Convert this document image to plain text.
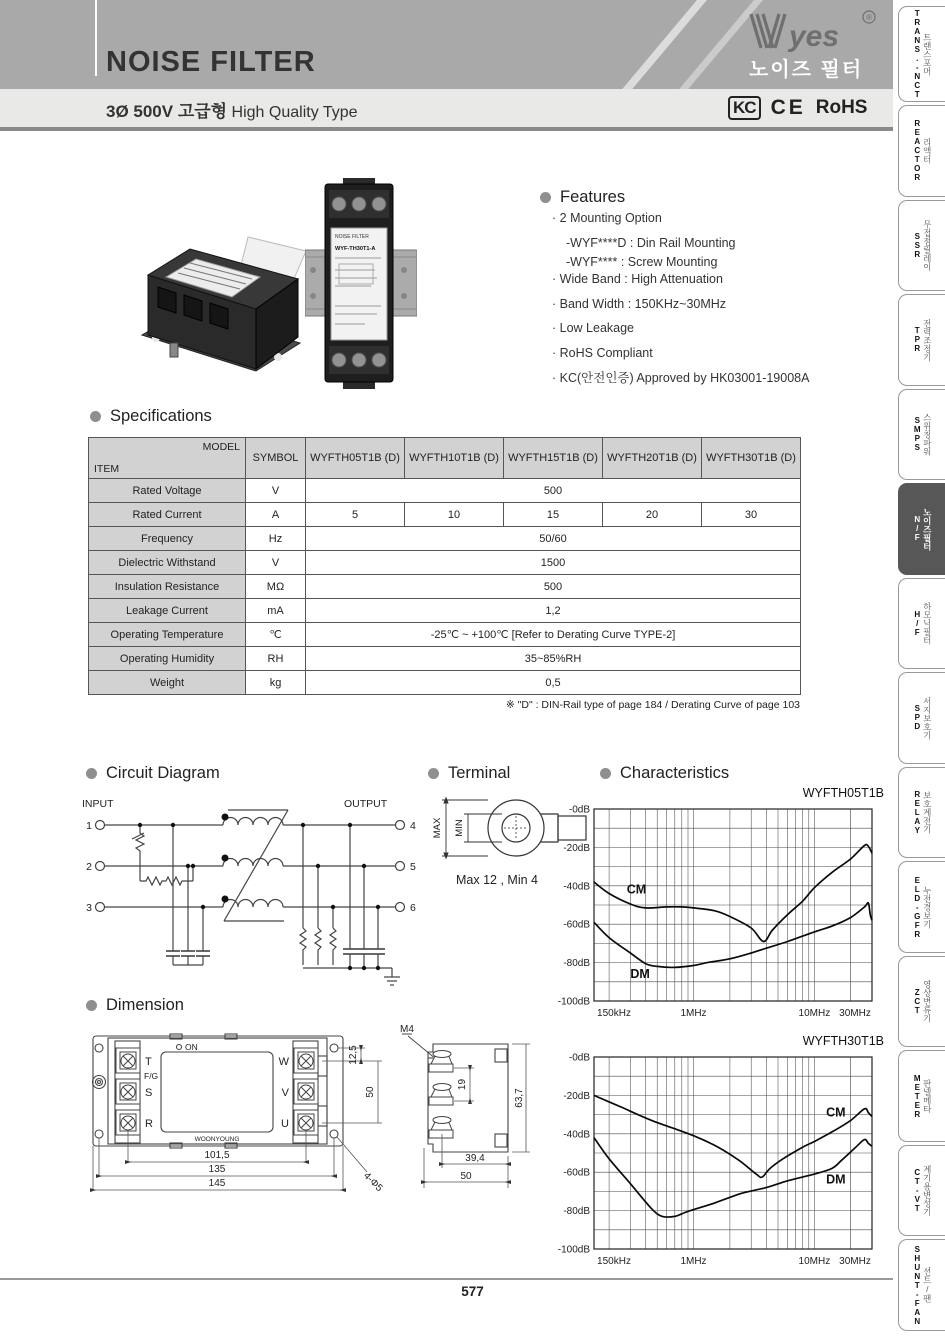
NOISE FILTER
yes
®
노이즈 필터
3Ø 500V 고급형 High Quality Type	KC CE RoHS
TRANS.-NCT 트랜스포머
REACTOR 리액터
SSR 무접점릴레이
TPR 전력조정기
SMPS 스위칭파워
N/F 노이즈필터
H/F 하모닉필터
SPD 서지보호기
RELAY 보호계전기
ELD-GFR 누전경보기
ZCT 영상변류기
METER 판넬메타
CT-VT 계기용변성기
SHUNT-FAN 션트/팬
NOISE FILTER
WYF-TH30T1-A
Features
· 2 Mounting Option
-WYF****D : Din Rail Mounting
-WYF**** : Screw Mounting
· Wide Band : High Attenuation
· Band Width : 150KHz~30MHz
· Low Leakage
· RoHS Compliant
· KC(안전인증) Approved by HK03001-19008A
Specifications
MODEL
ITEM	SYMBOL	WYFTH05T1B (D)	WYFTH10T1B (D)	WYFTH15T1B (D)	WYFTH20T1B (D)	WYFTH30T1B (D)
Rated Voltage	V	500				
Rated Current	A	5	10	15	20	30
Frequency	Hz	50/60				
Dielectric Withstand	V	1500				
Insulation Resistance	MΩ	500				
Leakage Current	mA	1,2				
Operating Temperature	℃	-25℃ ~ +100℃ [Refer to Derating Curve TYPE-2]				
Operating Humidity	RH	35~85%RH				
Weight	kg	0,5				
※ "D" : DIN-Rail type of page 184 / Derating Curve of page 103
Circuit Diagram
INPUT	OUTPUT
1
2
3
4
5
6
Terminal
MAX MIN
Max 12 , Min 4
Characteristics
WYFTH05T1B
-0dB
-20dB
-40dB
-60dB
-80dB
-100dB
150kHz	1MHz	10MHz 30MHz
CM
DM
WYFTH30T1B
-0dB
-20dB
-40dB
-60dB
-80dB
-100dB
150kHz	1MHz	10MHz 30MHz
CM
DM
Dimension
ON
T
F/G
S
R
W
V
U
WOONYOUNG
101,5
135
145
12,5
50
4-Φ5
M4
19
63,7
39,4
50
577
